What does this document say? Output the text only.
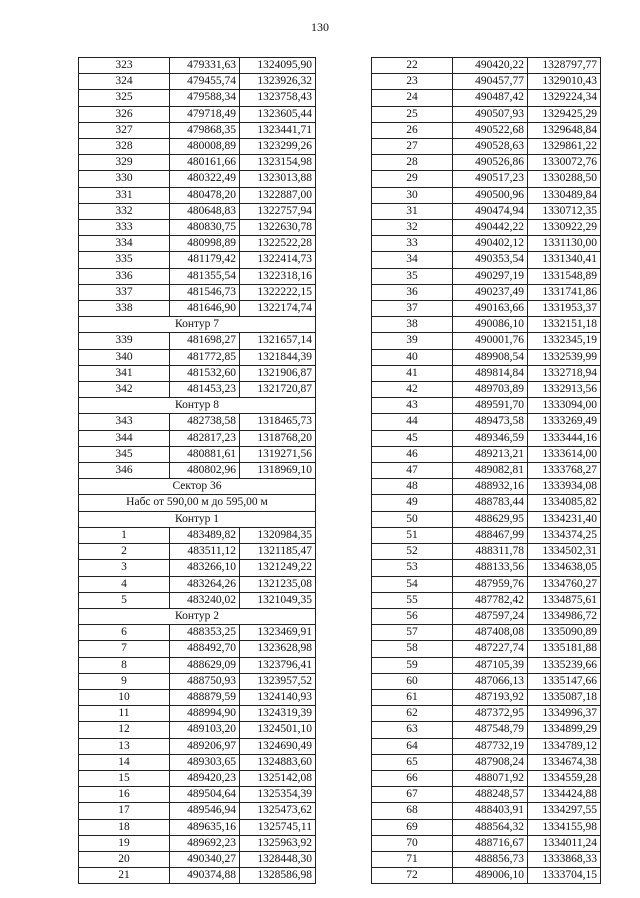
130
323	479331,63	1324095,90
324	479455,74	1323926,32
325	479588,34	1323758,43
326	479718,49	1323605,44
327	479868,35	1323441,71
328	480008,89	1323299,26
329	480161,66	1323154,98
330	480322,49	1323013,88
331	480478,20	1322887,00
332	480648,83	1322757,94
333	480830,75	1322630,78
334	480998,89	1322522,28
335	481179,42	1322414,73
336	481355,54	1322318,16
337	481546,73	1322222,15
338	481646,90	1322174,74
Контур 7		
339	481698,27	1321657,14
340	481772,85	1321844,39
341	481532,60	1321906,87
342	481453,23	1321720,87
Контур 8		
343	482738,58	1318465,73
344	482817,23	1318768,20
345	480881,61	1319271,56
346	480802,96	1318969,10
Сектор 36		
Набс от 590,00 м до 595,00 м		
Контур 1		
1	483489,82	1320984,35
2	483511,12	1321185,47
3	483266,10	1321249,22
4	483264,26	1321235,08
5	483240,02	1321049,35
Контур 2		
6	488353,25	1323469,91
7	488492,70	1323628,98
8	488629,09	1323796,41
9	488750,93	1323957,52
10	488879,59	1324140,93
11	488994,90	1324319,39
12	489103,20	1324501,10
13	489206,97	1324690,49
14	489303,65	1324883,60
15	489420,23	1325142,08
16	489504,64	1325354,39
17	489546,94	1325473,62
18	489635,16	1325745,11
19	489692,23	1325963,92
20	490340,27	1328448,30
21	490374,88	1328586,98
22	490420,22	1328797,77
23	490457,77	1329010,43
24	490487,42	1329224,34
25	490507,93	1329425,29
26	490522,68	1329648,84
27	490528,63	1329861,22
28	490526,86	1330072,76
29	490517,23	1330288,50
30	490500,96	1330489,84
31	490474,94	1330712,35
32	490442,22	1330922,29
33	490402,12	1331130,00
34	490353,54	1331340,41
35	490297,19	1331548,89
36	490237,49	1331741,86
37	490163,66	1331953,37
38	490086,10	1332151,18
39	490001,76	1332345,19
40	489908,54	1332539,99
41	489814,84	1332718,94
42	489703,89	1332913,56
43	489591,70	1333094,00
44	489473,58	1333269,49
45	489346,59	1333444,16
46	489213,21	1333614,00
47	489082,81	1333768,27
48	488932,16	1333934,08
49	488783,44	1334085,82
50	488629,95	1334231,40
51	488467,99	1334374,25
52	488311,78	1334502,31
53	488133,56	1334638,05
54	487959,76	1334760,27
55	487782,42	1334875,61
56	487597,24	1334986,72
57	487408,08	1335090,89
58	487227,74	1335181,88
59	487105,39	1335239,66
60	487066,13	1335147,66
61	487193,92	1335087,18
62	487372,95	1334996,37
63	487548,79	1334899,29
64	487732,19	1334789,12
65	487908,24	1334674,38
66	488071,92	1334559,28
67	488248,57	1334424,88
68	488403,91	1334297,55
69	488564,32	1334155,98
70	488716,67	1334011,24
71	488856,73	1333868,33
72	489006,10	1333704,15
